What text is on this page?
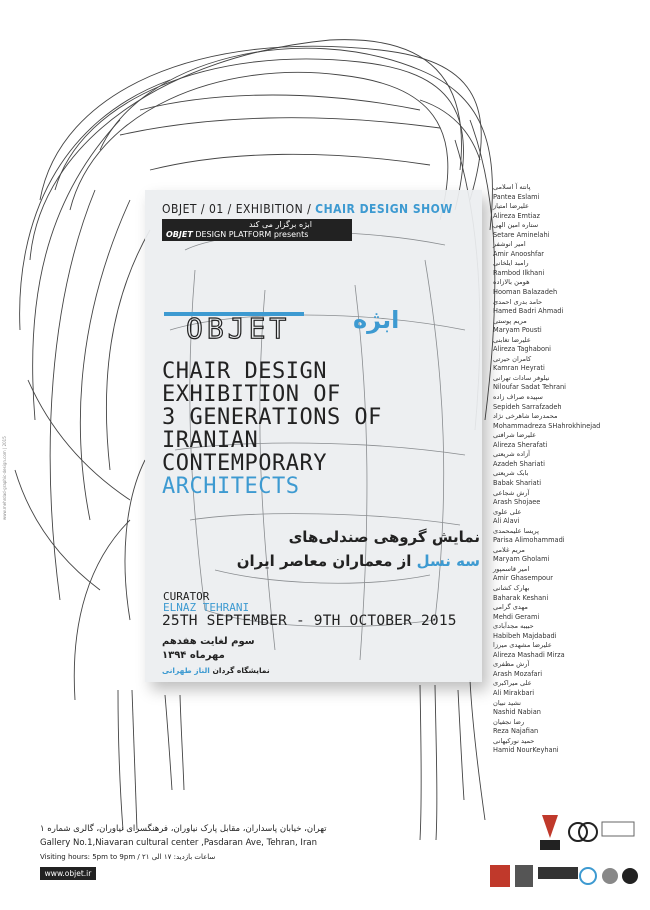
OBJET / 01 / EXHIBITION / CHAIR DESIGN SHOW
ابژه برگزار می کند
OBJET DESIGN PLATFORM presents
OBJET	ابژه
CHAIR DESIGN
EXHIBITION OF
3 GENERATIONS OF
IRANIAN
CONTEMPORARY
ARCHITECTS
نمایش گروهی صندلی‌های
سه نسل از معماران معاصر ایران
CURATOR
ELNAZ TEHRANI
25TH SEPTEMBER - 9TH OCTOBER 2015
سوم لغایت هفدهم
مهرماه ۱۳۹۴
نمایشگاه گردان الناز طهرانی
پانته آ اسلامی
Pantea Eslami
علیرضا امتیاز
Alireza Emtiaz
ستاره امین الهی
Setare Aminelahi
امیر انوشفر
Amir Anooshfar
رامبد ایلخانی
Rambod Ilkhani
هومن بالازاده
Hooman Balazadeh
حامد بدری احمدی
Hamed Badri Ahmadi
مریم پوستی
Maryam Pousti
علیرضا تغابنی
Alireza Taghaboni
کامران حیرتی
Kamran Heyrati
نیلوفر سادات تهرانی
Niloufar Sadat Tehrani
سپیده صراف زاده
Sepideh Sarrafzadeh
محمدرضا شاهرخی نژاد
Mohammadreza SHahrokhinejad
علیرضا شرافتی
Alireza Sherafati
آزاده شریعتی
Azadeh Shariati
بابک شریعتی
Babak Shariati
آرش شجاعی
Arash Shojaee
علی علوی
Ali Alavi
پریسا علیمحمدی
Parisa Alimohammadi
مریم غلامی
Maryam Gholami
امیر قاسمپور
Amir Ghasempour
بهارک کشانی
Baharak Keshani
مهدی گرامی
Mehdi Gerami
حبیبه مجدآبادی
Habibeh Majdabadi
علیرضا مشهدی میرزا
Alireza Mashadi Mirza
آرش مظفری
Arash Mozafari
علی میراکبری
Ali Mirakbari
نشید نبیان
Nashid Nabian
رضا نجفیان
Reza Najafian
حمید نورکیهانی
Hamid NourKeyhani
www.mehrdad-graphic-design.com | 2015
تهران، خیابان پاسداران، مقابل پارک نیاوران، فرهنگسرای نیاوران، گالری شماره ۱
Gallery No.1,Niavaran cultural center ,Pasdaran Ave, Tehran, Iran
Visiting hours: 5pm to 9pm / ساعات بازدید: ۱۷ الی ۲۱
www.objet.ir
